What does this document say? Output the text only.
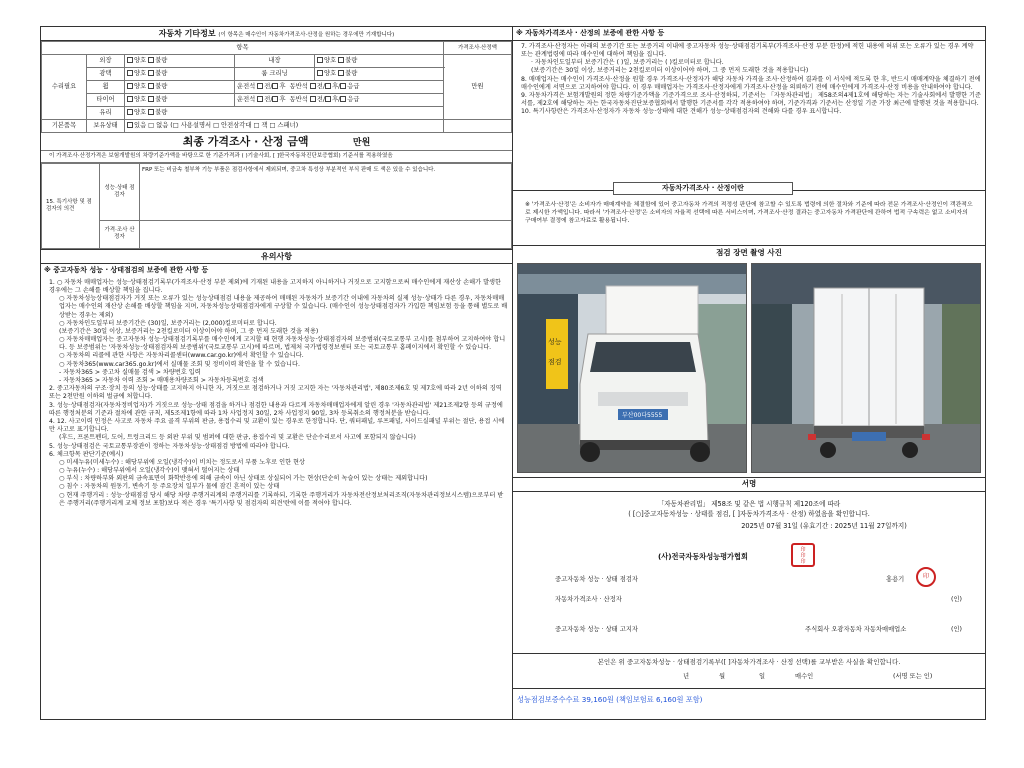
자동차 기타정보 (이 항목은 매수인이 자동차가격조사·산정을 원하는 경우에만 기재합니다)
항목					가격조사·산정액
수리필요	외장	양호 불량	내장	양호 불량	만원
	광택	양호 불량	룸 크리닝	양호 불량	
	휠	양호 불량	운전석 전/ 후 동반석 전/ 후/ 응급		
	타이어	양호 불량	운전석 전/ 후 동반석 전/ 후/ 응급		
	유리	양호 불량			
기본품목	보유상태	있음 □ 없음 (□ 사용설명서 □ 안전삼각대 □ 잭 □ 스패너)			
최종 가격조사 · 산정 금액	만원
이 가격조사·산정가격은 보험개발원의 차량기준가액을 바탕으로 한 기준가격과 ( )기술사회, [ ]한국자동차진단보증협회) 기준서를 적용하였음
15. 특기사항 및 점검자의 의견	성능·상태 점검자	FRP 또는 비금속 철부착 기능 부품은 점검사항에서 제외되며, 중고차 특성상 부분적인 부식 판매 도 색은 있을 수 있습니다.
	가격·조사 산정자	
유의사항
※ 중고자동차 성능 · 상태점검의 보증에 관한 사항 등
1. ○ 자동차 매매업자는 성능·상태점검기록부(가격조사·산정 부분 제외)에 기재된 내용을 고지하지 아니하거나 거짓으로 고지함으로써 매수인에게 재산상 손해가 발생한 경우에는 그 손해를 배상할 책임을 집니다.
○ 자동차성능상태점검자가 거짓 또는 오류가 있는 성능상태점검 내용을 제공하여 매매된 자동차가 보증기간 이내에 자동차의 실제 성능·상태가 다른 경우, 자동차매매업자는 매수인의 재산상 손해를 배상할 책임을 지며, 자동차성능상태점검자에게 구상할 수 있습니다. (매수인이 성능상태점검자가 가입한 책임보험 등을 통해 별도로 배상받는 경우는 제외)
○ 자동차인도일부터 보증기간은 (30)일, 보증거리는 (2,000)킬로미터로 합니다.
(보증기간은 30일 이상, 보증거리는 2천킬로미터 이상이어야 하며, 그 중 먼저 도래한 것을 적용)
○ 자동차매매업자는 중고자동차 성능·상태점검기록부를 매수인에게 고지할 때 현행 자동차성능·상태점검자의 보증범위(국토교통부 고시)를 첨부하여 고지하여야 합니다. 등 보증범위는 '자동차성능·상태점검자의 보증범위'(국토교통부 고시)에 따르며, 법제처 국가법령정보센터 또는 국토교통부 홈페이지에서 확인할 수 있습니다.
○ 자동차의 리콜에 관한 사항은 자동차리콜센터(www.car.go.kr)에서 확인할 수 있습니다.
○ 자동차365(www.car365.go.kr)에서 실매물 조회 및 정비이력 확인을 할 수 있습니다.
- 자동차365 > 중고차 실매물 검색 > 차량번호 입력
- 자동차365 > 자동차 이력 조회 > 매매용차량조회 > 자동차등록번호 검색
2. 중고자동차의 구조·장치 등의 성능·상태를 고지하지 아니한 자, 거짓으로 점검하거나 거짓 고지한 자는 '자동차관리법', 제80조제6호 및 제7호에 따라 2년 이하의 징역 또는 2천만원 이하의 벌금에 처합니다.
3. 성능·상태점검자(자동차정비업자)가 거짓으로 성능·상태 점검을 하거나 점검한 내용과 다르게 자동차매매업자에게 알린 경우 '자동차관리법' 제21조제2항 등의 규정에 따른 행정처분의 기준과 절차에 관한 규칙, 제5조제1항에 따라 1차 사업정지 30일, 2차 사업정지 90일, 3차 등록취소의 행정처분을 받습니다.
4. 12. 사고이력 인정은 사고로 자동차 주요 골격 부위의 판금, 용접수리 및 교환이 있는 경우로 한정합니다. 단, 쿼터패널, 루프패널, 사이드실패널 부위는 절단, 용접 시에만 사고로 표기합니다.
(후드, 프론트펜더, 도어, 트렁크리드 등 외판 부위 및 범퍼에 대한 판금, 용접수리 및 교환은 단순수리로서 사고에 포함되지 않습니다)
5. 성능·상태점검은 국토교통부장관이 정하는 자동차성능·상태점검 방법에 따라야 합니다.
6. 체크항목 판단기준(예시)
○ 미세누유(미세누수) : 해당부위에 오일(냉각수)이 비치는 정도로서 부품 노후로 인한 현상
○ 누유(누수) : 해당부위에서 오일(냉각수)이 맺혀서 떨어지는 상태
○ 부식 : 차량하부와 외판의 금속표면이 화학반응에 의해 금속이 아닌 상태로 상실되어 가는 현상(단순히 녹슬어 있는 상태는 제외합니다)
○ 침수 : 자동차의 원동기, 변속기 등 주요장치 일부가 물에 잠긴 흔적이 있는 상태
○ 현재 주행거리 : 성능·상태점검 당시 해당 차량 주행거리계의 주행거리를 기록하되, 기록한 주행거리가 자동차전산정보처리조직(자동차관리정보시스템)으로부터 받은 주행거리(주행거리계 교체 정보 포함)보다 적은 경우 '특기사항 및 점검자의 의견'란에 이를 적어야 합니다.
※ 자동차가격조사 · 산정의 보증에 관한 사항 등
7. 가격조사·산정자는 아래의 보증기간 또는 보증거리 이내에 중고자동차 성능·상태점검기록부(가격조사·산정 부분 한정)에 적힌 내용에 허위 또는 오류가 있는 경우 계약 또는 관계법령에 따라 매수인에 대하여 책임을 집니다.
· 자동차인도일부터 보증기간은 ( )일, 보증거리는 ( )킬로미터로 합니다.
(보증기간은 30일 이상, 보증거리는 2천킬로미터 이상이어야 하며, 그 중 먼저 도래한 것을 적용합니다)
8. 매매업자는 매수인이 가격조사·산정을 원할 경우 가격조사·산정자가 해당 자동차 가격을 조사·산정하여 결과를 이 서식에 적도록 한 후, 반드시 매매계약을 체결하기 전에 매수인에게 서면으로 고지하여야 합니다. 이 경우 매매업자는 가격조사·산정자에게 가격조사·산정을 의뢰하기 전에 매수인에게 가격조사·산정 비용을 안내하여야 합니다.
9. 자동차가격은 보험개발원의 정한 차량기준가액을 기준가격으로 조사·산정하되, 기준서는 「자동차관리법」 제58조의4제1호에 해당하는 자는 기술사회에서 발행한 기준서를, 제2호에 해당하는 자는 한국자동차진단보증협회에서 발행한 기준서를 각각 적용하여야 하며, 기준가격과 기준서는 산정일 기준 가장 최근에 발행된 것을 적용합니다.
10. 특기사항란은 가격조사·산정자가 자동차 성능·상태에 대한 견해가 성능·상태점검자의 견해와 다를 경우 표시합니다.
자동차가격조사 · 산정이란
※ '가격조사·산정'은 소비자가 매매계약을 체결함에 있어 중고자동차 가격의 적정성 판단에 참고할 수 있도록 법령에 의한 절차와 기준에 따라 전문 가격조사·산정인이 객관적으로 제시한 가액입니다. 따라서 '가격조사·산정'은 소비자의 자율적 선택에 따른 서비스이며, 가격조사·산정 결과는 중고자동차 가격판단에 관하여 법적 구속력은 없고 소비자의 구매여부 결정에 참고자료로 활용됩니다.
점검 장면 촬영 사진
성능
점검
부산00다5555
서명
「자동차관리법」 제58조 및 같은 법 시행규칙 제120조에 따라
( [○]중고자동차성능 · 상태를 점검, [ ]자동차가격조사 · 산정) 하였음을 확인합니다.
2025년 07월 31일 (유효기간 : 2025년 11월 27일까지)
(사)전국자동차성능평가협회
印
印
印
중고자동차 성능 · 상태 점검자	홍용기	印
자동차가격조사 · 산정자	(인)
중고자동차 성능 · 상태 고지자	주식회사 오광자동차 자동차매매업소	(인)
본인은 위 중고자동차성능 · 상태점검기록부([ ]자동차가격조사 · 산정 선택)를 교부받은 사실을 확인합니다.
년	월	일	매수인	(서명 또는 인)
성능점검보증수수료 39,160원 (책임보험료 6,160원 포함)
